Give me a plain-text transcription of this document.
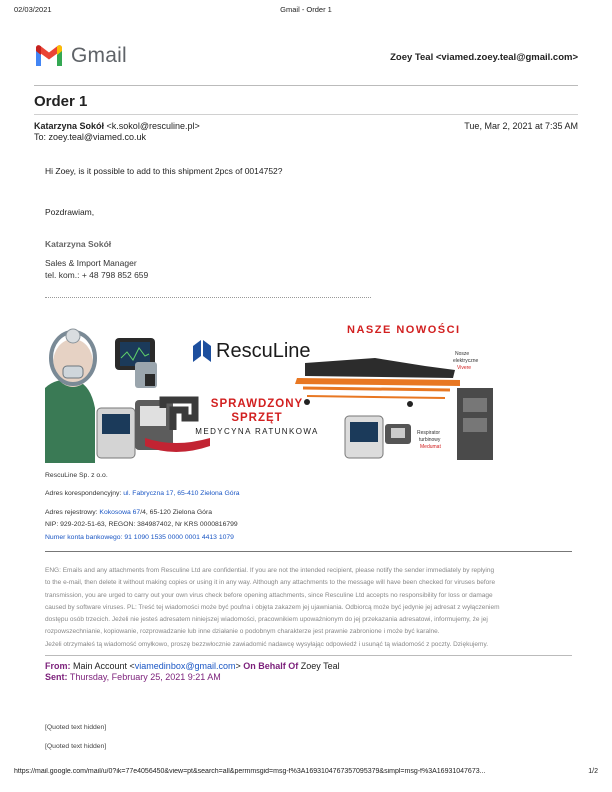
02/03/2021	Gmail - Order 1
Gmail	Zoey Teal <viamed.zoey.teal@gmail.com>
Order 1
Katarzyna Sokół <k.sokol@resculine.pl>	Tue, Mar 2, 2021 at 7:35 AM
To: zoey.teal@viamed.co.uk
Hi Zoey, is it possible to add to this shipment 2pcs of 0014752?
Pozdrawiam,
Katarzyna Sokół
Sales & Import Manager
tel. kom.: + 48 798 852 659
RescuLine
NASZE NOWOŚCI
SPRAWDZONY
SPRZĘT
MEDYCYNA RATUNKOWA
Nosze
elektryczne
Vivere
Respirator
turbinowy
Medumat
RescuLine Sp. z o.o.
Adres korespondencyjny: ul. Fabryczna 17, 65-410 Zielona Góra
Adres rejestrowy: Kokosowa 67/4, 65-120 Zielona Góra
NIP: 929-202-51-63, REGON: 384987402, Nr KRS 0000816799
Numer konta bankowego: 91 1090 1535 0000 0001 4413 1079
ENG: Emails and any attachments from Resculine Ltd are confidential. If you are not the intended recipient, please notify the sender immediately by replying
to the e-mail, then delete it without making copies or using it in any way. Although any attachments to the message will have been checked for viruses before
transmission, you are urged to carry out your own virus check before opening attachments, since Resculine Ltd accepts no responsibility for loss or damage
caused by software viruses. PL: Treść tej wiadomości może być poufna i objęta zakazem jej ujawniania. Odbiorcą może być jedynie jej adresat z wyłączeniem
dostępu osób trzecich. Jeżeli nie jesteś adresatem niniejszej wiadomości, pracownikiem upoważnionym do jej przekazania adresatowi, informujemy, że jej
rozpowszechnianie, kopiowanie, rozprowadzanie lub inne działanie o podobnym charakterze jest prawnie zabronione i może być karalne.
Jeżeli otrzymałeś tą wiadomość omyłkowo, proszę bezzwłocznie zawiadomić nadawcę wysyłając odpowiedź i usunąć tą wiadomość z poczty. Dziękujemy.
From: Main Account <viamedinbox@gmail.com> On Behalf Of Zoey Teal
Sent: Thursday, February 25, 2021 9:21 AM
[Quoted text hidden]
[Quoted text hidden]
https://mail.google.com/mail/u/0?ik=77e4056450&view=pt&search=all&permmsgid=msg-f%3A1693104767357095379&simpl=msg-f%3A16931047673...	1/2
